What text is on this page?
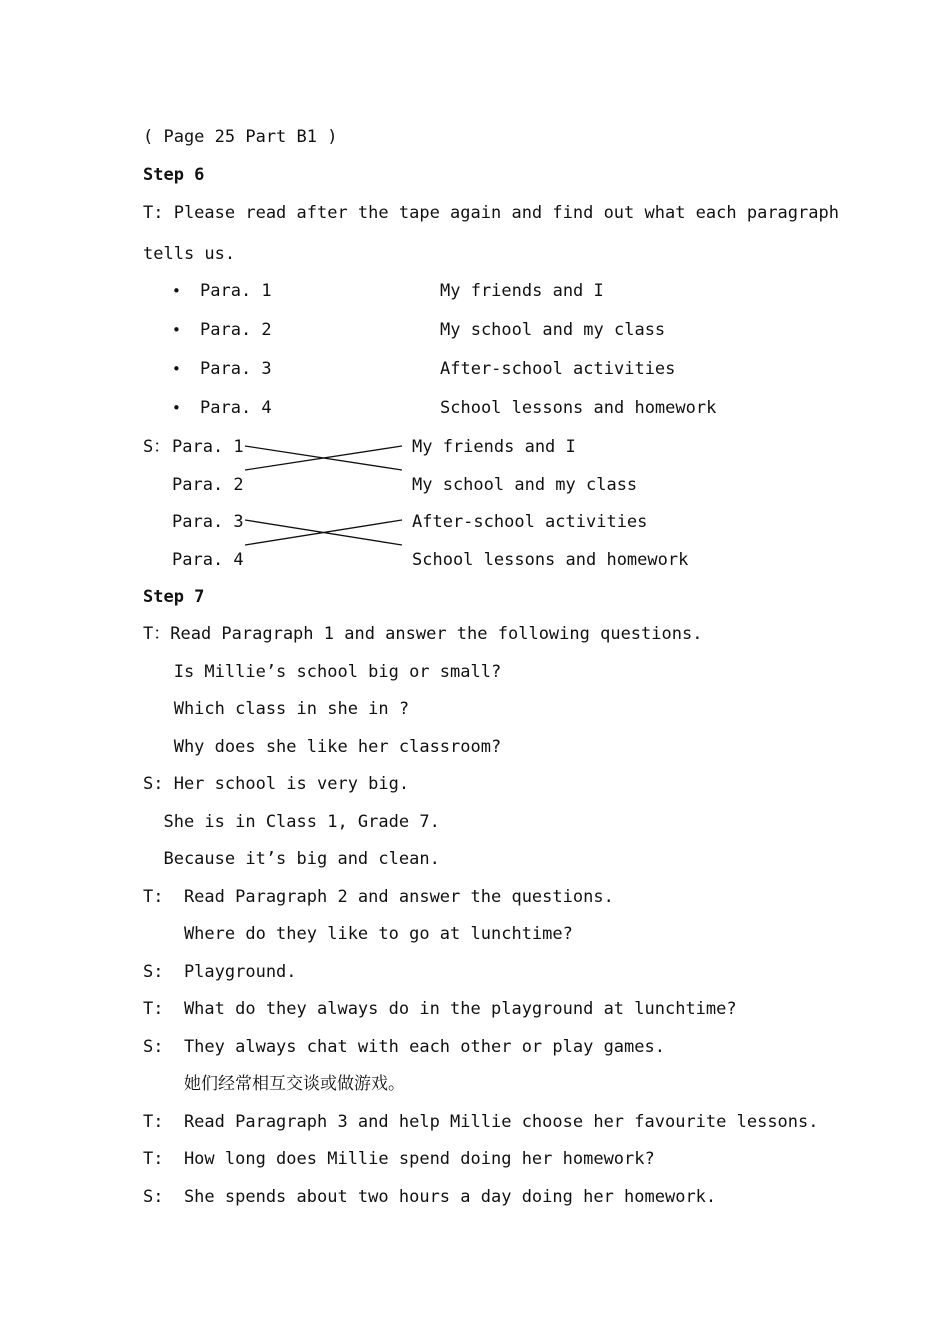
( Page 25 Part B1 )
Step 6
T: Please read after the tape again and find out what each paragraph
tells us.
• Para. 1	My friends and I
• Para. 2	My school and my class
• Para. 3	After-school activities
• Para. 4	School lessons and homework
S： Para. 1	My friends and I
Para. 2	My school and my class
Para. 3	After-school activities
Para. 4	School lessons and homework
Step 7
T：Read Paragraph 1 and answer the following questions.
Is Millie’s school big or small?
Which class in she in ?
Why does she like her classroom?
S: Her school is very big.
She is in Class 1, Grade 7.
Because it’s big and clean.
T:  Read Paragraph 2 and answer the questions.
Where do they like to go at lunchtime?
S:  Playground.
T:  What do they always do in the playground at lunchtime?
S:  They always chat with each other or play games.
她们经常相互交谈或做游戏。
T:  Read Paragraph 3 and help Millie choose her favourite lessons.
T:  How long does Millie spend doing her homework?
S:  She spends about two hours a day doing her homework.
